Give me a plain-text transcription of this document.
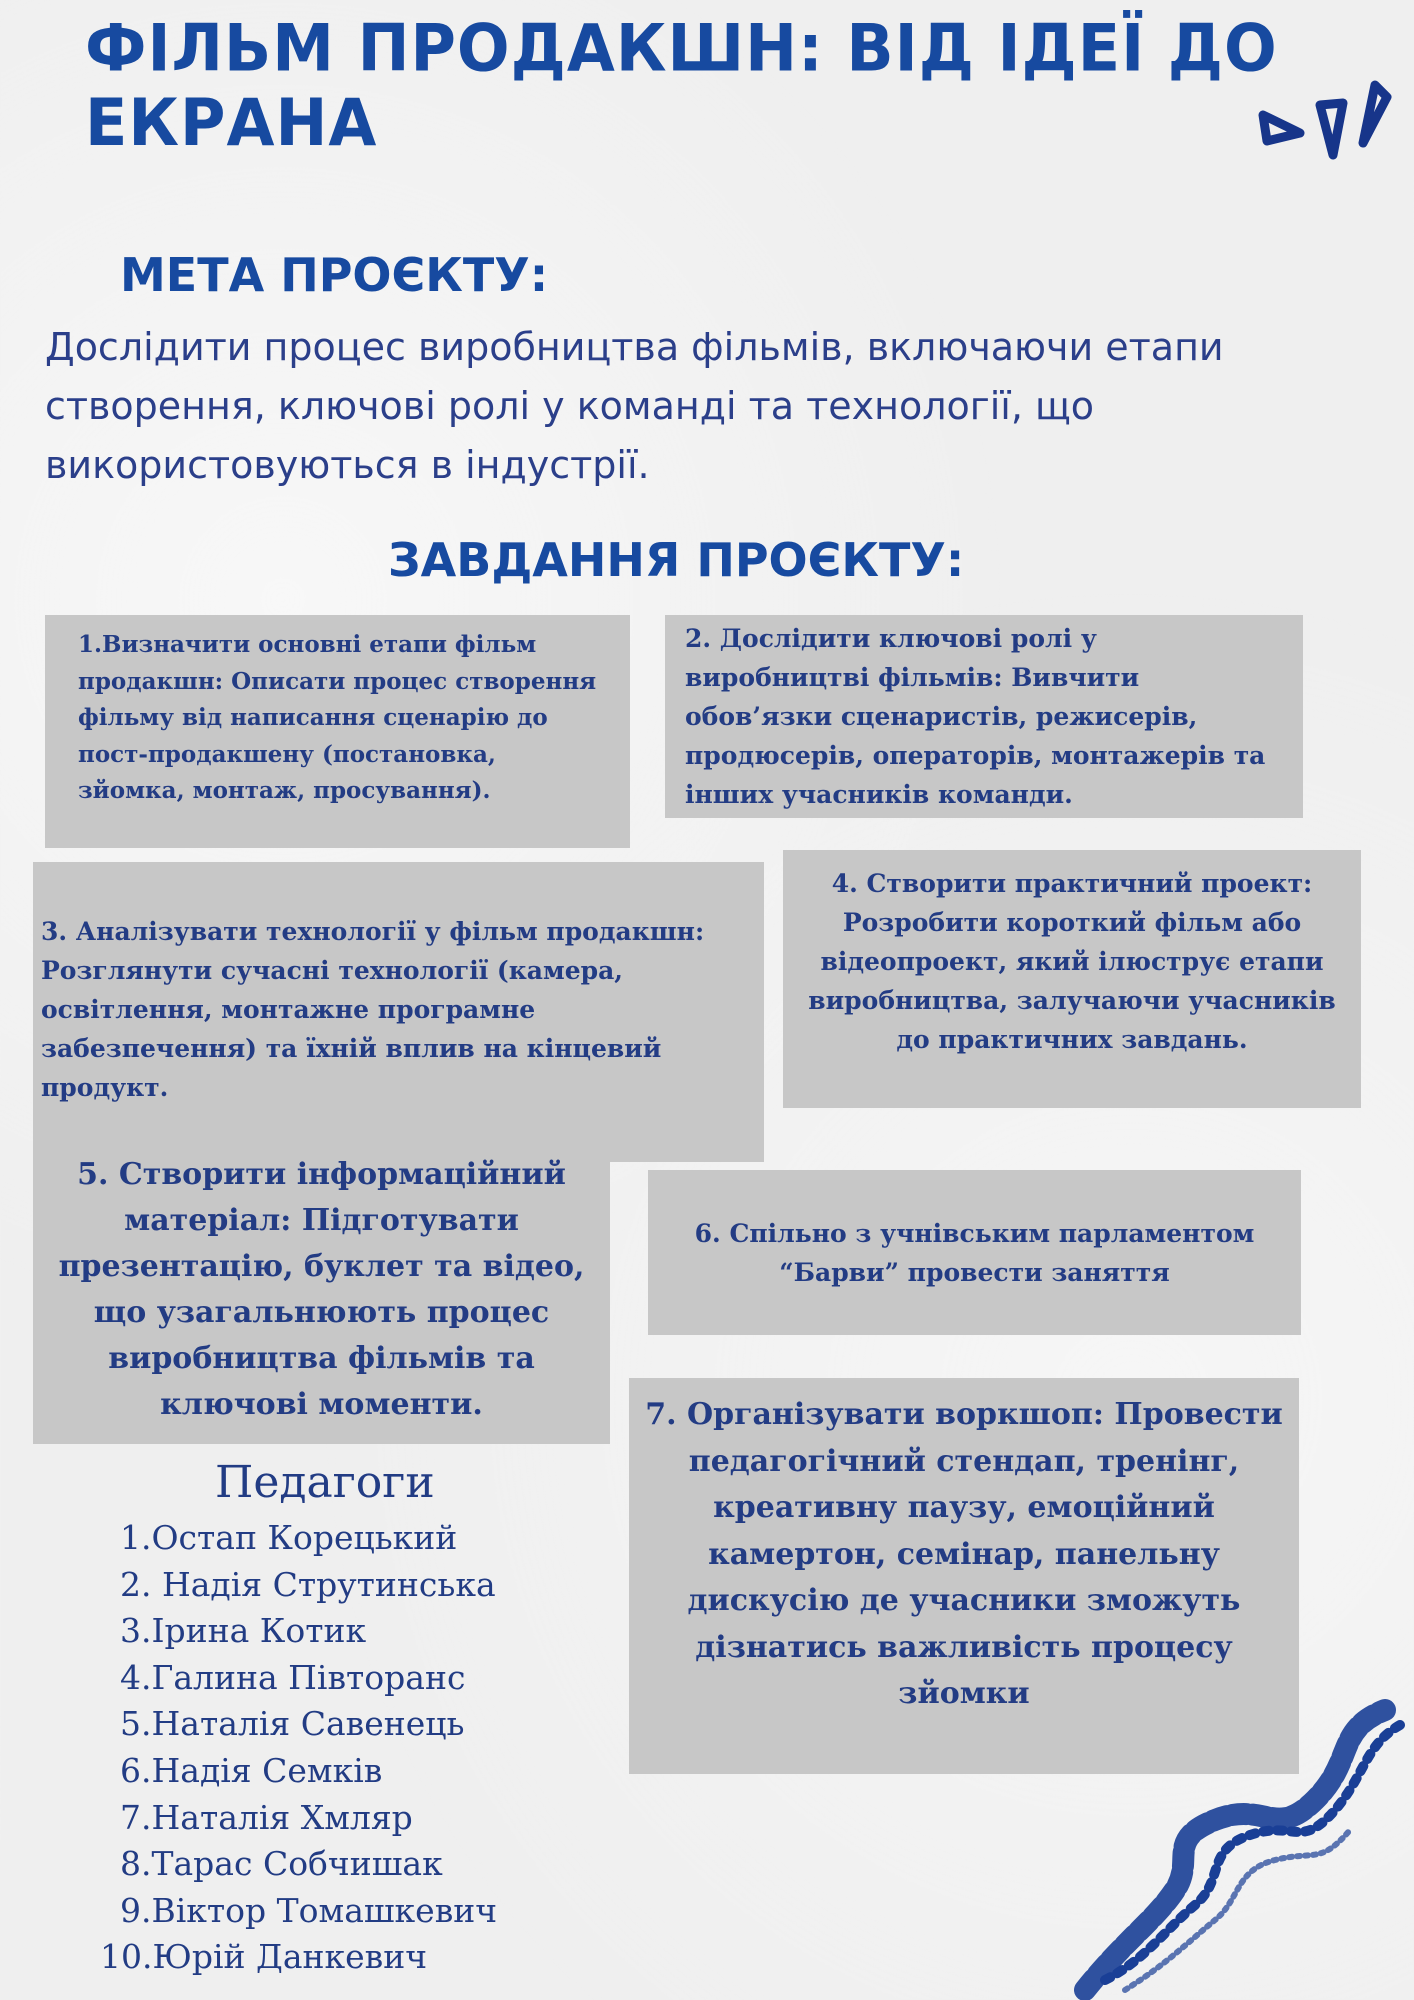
ФІЛЬМ ПРОДАКШН: ВІД ІДЕЇ ДО ЕКРАНА
МЕТА ПРОЄКТУ:
Дослідити процес виробництва фільмів, включаючи етапи створення, ключові ролі у команді та технології, що використовуються в індустрії.
ЗАВДАННЯ ПРОЄКТУ:
1.Визначити основні етапи фільм продакшн: Описати процес створення фільму від написання сценарію до пост-продакшену (постановка, зйомка, монтаж, просування).
2. Дослідити ключові ролі у виробництві фільмів: Вивчити обов’язки сценаристів, режисерів, продюсерів, операторів, монтажерів та інших учасників команди.
3. Аналізувати технології у фільм продакшн: Розглянути сучасні технології (камера, освітлення, монтажне програмне забезпечення) та їхній вплив на кінцевий продукт.
4. Створити практичний проект: Розробити короткий фільм або відеопроект, який ілюструє етапи виробництва, залучаючи учасників до практичних завдань.
5. Створити інформаційний матеріал: Підготувати презентацію, буклет та відео, що узагальнюють процес виробництва фільмів та ключові моменти.
6. Спільно з учнівським парламентом “Барви” провести заняття
7. Організувати воркшоп: Провести педагогічний стендап, тренінг, креативну паузу, емоційний камертон, семінар, панельну дискусію де учасники зможуть дізнатись важливість процесу зйомки
Педагоги
1.Остап Корецький
2. Надія Струтинська
3.Ірина Котик
4.Галина Півторанс
5.Наталія Савенець
6.Надія Семків
7.Наталія Хмляр
8.Тарас Собчишак
9.Віктор Томашкевич
10.Юрій Данкевич
